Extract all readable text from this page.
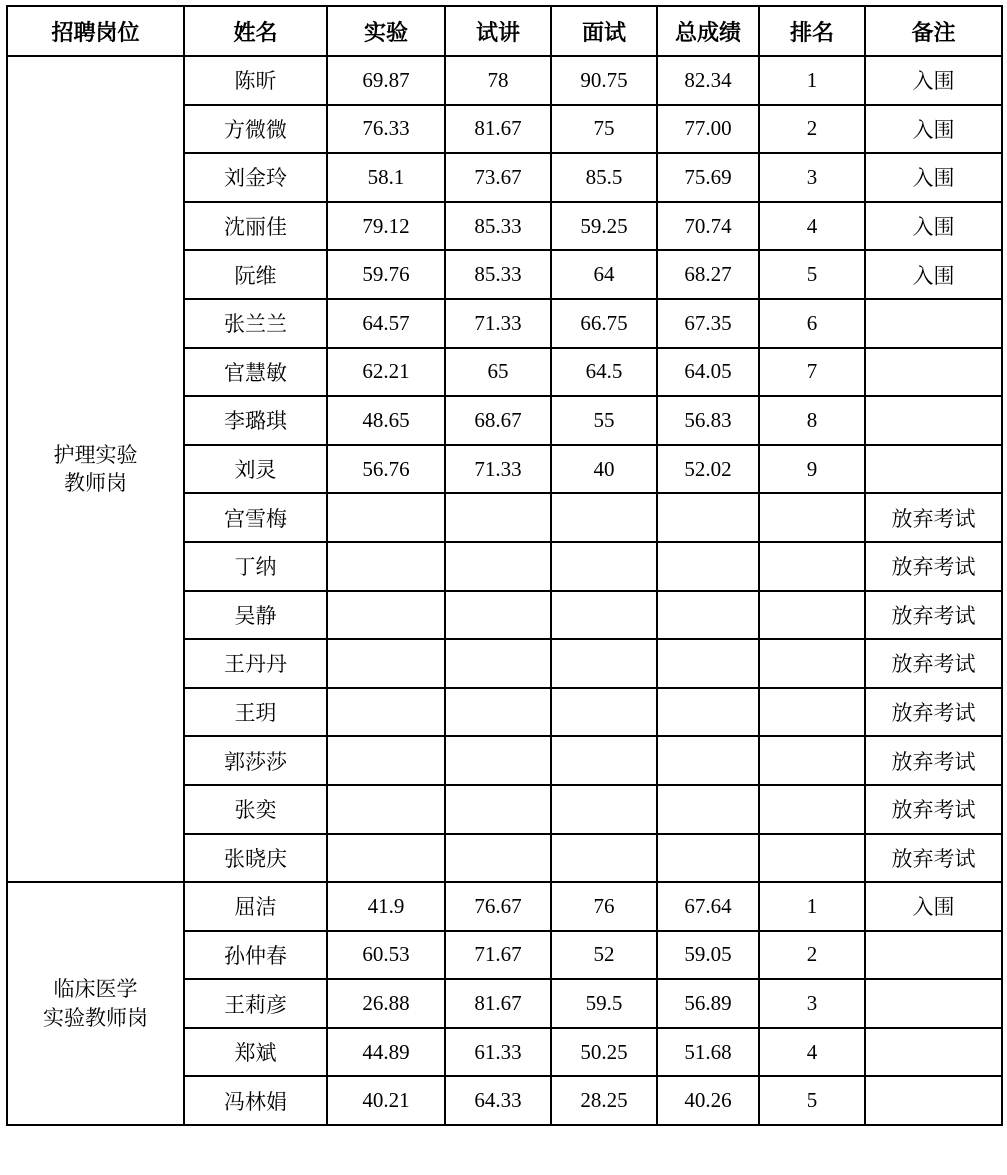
招聘岗位	姓名	实验	试讲	面试	总成绩	排名	备注

护理实验
教师岗	陈昕	69.87	78	90.75	82.34	1	入围
	方微微	76.33	81.67	75	77.00	2	入围
	刘金玲	58.1	73.67	85.5	75.69	3	入围
	沈丽佳	79.12	85.33	59.25	70.74	4	入围
	阮维	59.76	85.33	64	68.27	5	入围
	张兰兰	64.57	71.33	66.75	67.35	6	
	官慧敏	62.21	65	64.5	64.05	7	
	李璐琪	48.65	68.67	55	56.83	8	
	刘灵	56.76	71.33	40	52.02	9	
	宫雪梅						放弃考试
	丁纳						放弃考试
	吴静						放弃考试
	王丹丹						放弃考试
	王玥						放弃考试
	郭莎莎						放弃考试
	张奕						放弃考试
	张晓庆						放弃考试

临床医学
实验教师岗	屈洁	41.9	76.67	76	67.64	1	入围
	孙仲春	60.53	71.67	52	59.05	2	
	王莉彦	26.88	81.67	59.5	56.89	3	
	郑斌	44.89	61.33	50.25	51.68	4	
	冯林娟	40.21	64.33	28.25	40.26	5	
